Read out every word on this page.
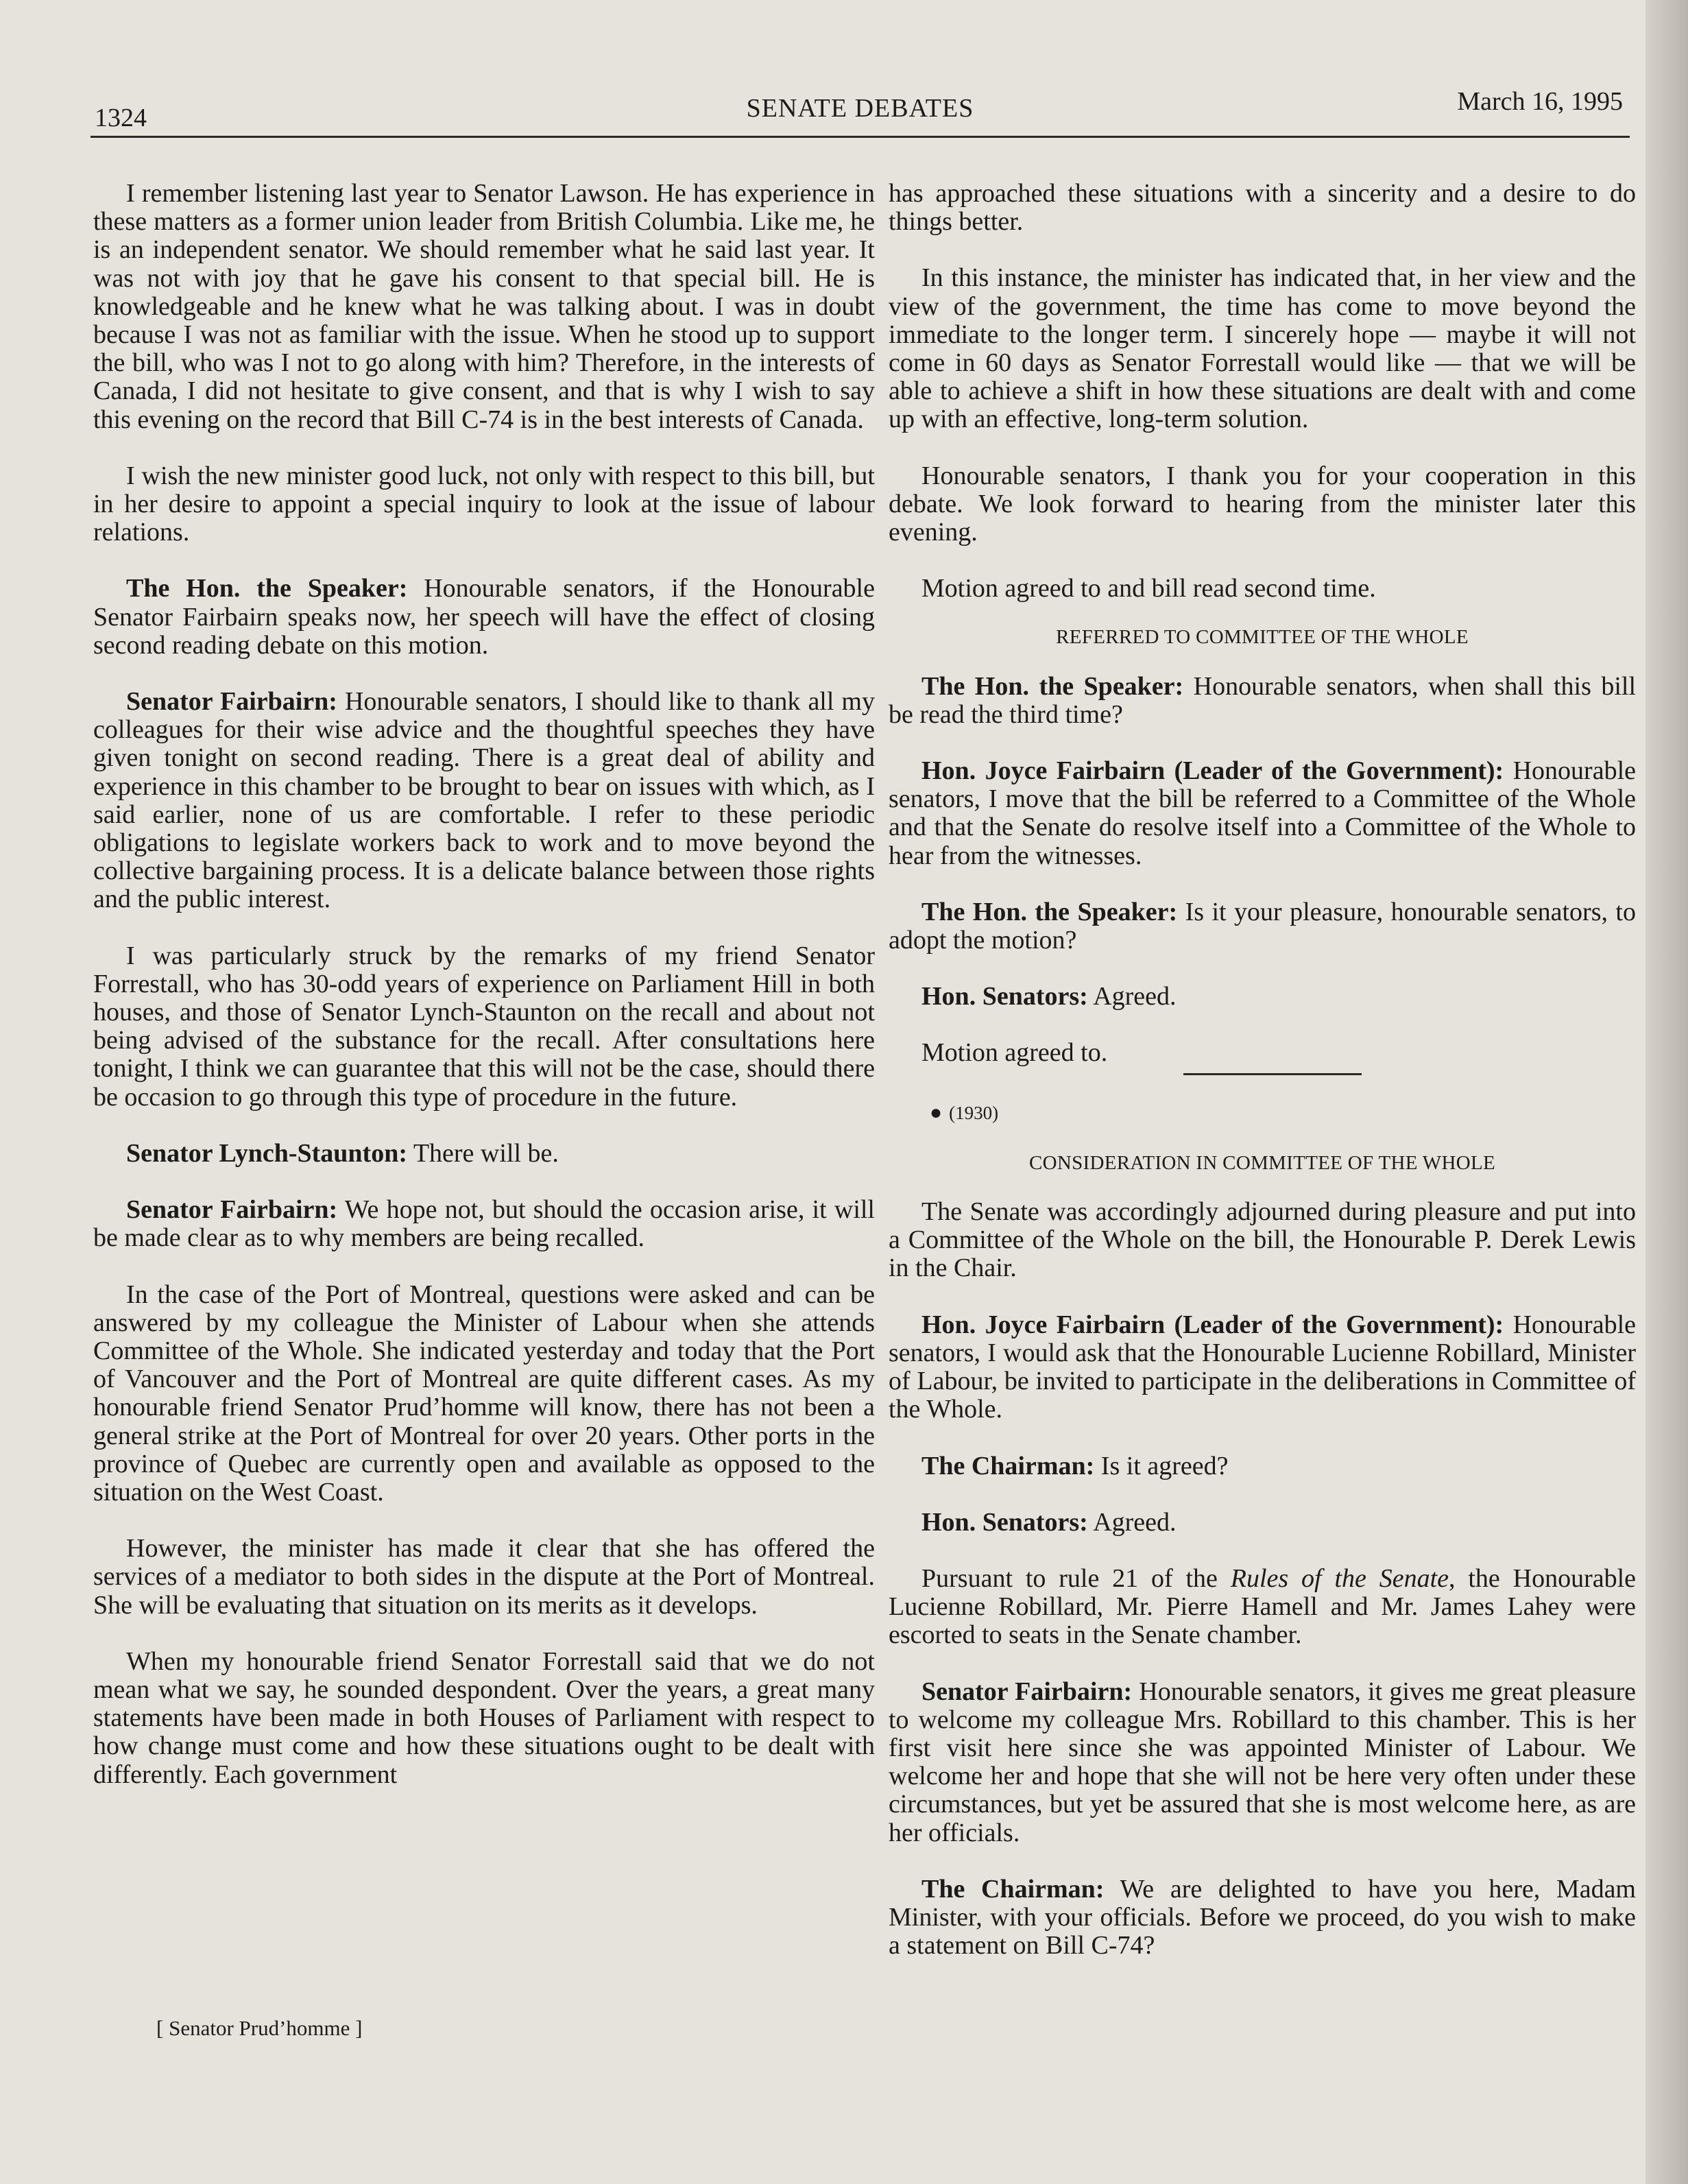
1324	SENATE DEBATES	March 16, 1995

I remember listening last year to Senator Lawson. He has experience in these matters as a former union leader from British Columbia. Like me, he is an independent senator. We should remember what he said last year. It was not with joy that he gave his consent to that special bill. He is knowledgeable and he knew what he was talking about. I was in doubt because I was not as familiar with the issue. When he stood up to support the bill, who was I not to go along with him? Therefore, in the interests of Canada, I did not hesitate to give consent, and that is why I wish to say this evening on the record that Bill C-74 is in the best interests of Canada.

I wish the new minister good luck, not only with respect to this bill, but in her desire to appoint a special inquiry to look at the issue of labour relations.

The Hon. the Speaker: Honourable senators, if the Honourable Senator Fairbairn speaks now, her speech will have the effect of closing second reading debate on this motion.

Senator Fairbairn: Honourable senators, I should like to thank all my colleagues for their wise advice and the thoughtful speeches they have given tonight on second reading. There is a great deal of ability and experience in this chamber to be brought to bear on issues with which, as I said earlier, none of us are comfortable. I refer to these periodic obligations to legislate workers back to work and to move beyond the collective bargaining process. It is a delicate balance between those rights and the public interest.

I was particularly struck by the remarks of my friend Senator Forrestall, who has 30-odd years of experience on Parliament Hill in both houses, and those of Senator Lynch-Staunton on the recall and about not being advised of the substance for the recall. After consultations here tonight, I think we can guarantee that this will not be the case, should there be occasion to go through this type of procedure in the future.

Senator Lynch-Staunton: There will be.

Senator Fairbairn: We hope not, but should the occasion arise, it will be made clear as to why members are being recalled.

In the case of the Port of Montreal, questions were asked and can be answered by my colleague the Minister of Labour when she attends Committee of the Whole. She indicated yesterday and today that the Port of Vancouver and the Port of Montreal are quite different cases. As my honourable friend Senator Prud’homme will know, there has not been a general strike at the Port of Montreal for over 20 years. Other ports in the province of Quebec are currently open and available as opposed to the situation on the West Coast.

However, the minister has made it clear that she has offered the services of a mediator to both sides in the dispute at the Port of Montreal. She will be evaluating that situation on its merits as it develops.

When my honourable friend Senator Forrestall said that we do not mean what we say, he sounded despondent. Over the years, a great many statements have been made in both Houses of Parliament with respect to how change must come and how these situations ought to be dealt with differently. Each government

has approached these situations with a sincerity and a desire to do things better.

In this instance, the minister has indicated that, in her view and the view of the government, the time has come to move beyond the immediate to the longer term. I sincerely hope — maybe it will not come in 60 days as Senator Forrestall would like — that we will be able to achieve a shift in how these situations are dealt with and come up with an effective, long-term solution.

Honourable senators, I thank you for your cooperation in this debate. We look forward to hearing from the minister later this evening.

Motion agreed to and bill read second time.

REFERRED TO COMMITTEE OF THE WHOLE

The Hon. the Speaker: Honourable senators, when shall this bill be read the third time?

Hon. Joyce Fairbairn (Leader of the Government): Honourable senators, I move that the bill be referred to a Committee of the Whole and that the Senate do resolve itself into a Committee of the Whole to hear from the witnesses.

The Hon. the Speaker: Is it your pleasure, honourable senators, to adopt the motion?

Hon. Senators: Agreed.

Motion agreed to.

● (1930)
CONSIDERATION IN COMMITTEE OF THE WHOLE

The Senate was accordingly adjourned during pleasure and put into a Committee of the Whole on the bill, the Honourable P. Derek Lewis in the Chair.

Hon. Joyce Fairbairn (Leader of the Government): Honourable senators, I would ask that the Honourable Lucienne Robillard, Minister of Labour, be invited to participate in the deliberations in Committee of the Whole.

The Chairman: Is it agreed?

Hon. Senators: Agreed.

Pursuant to rule 21 of the Rules of the Senate, the Honourable Lucienne Robillard, Mr. Pierre Hamell and Mr. James Lahey were escorted to seats in the Senate chamber.

Senator Fairbairn: Honourable senators, it gives me great pleasure to welcome my colleague Mrs. Robillard to this chamber. This is her first visit here since she was appointed Minister of Labour. We welcome her and hope that she will not be here very often under these circumstances, but yet be assured that she is most welcome here, as are her officials.

The Chairman: We are delighted to have you here, Madam Minister, with your officials. Before we proceed, do you wish to make a statement on Bill C-74?

[ Senator Prud’homme ]
